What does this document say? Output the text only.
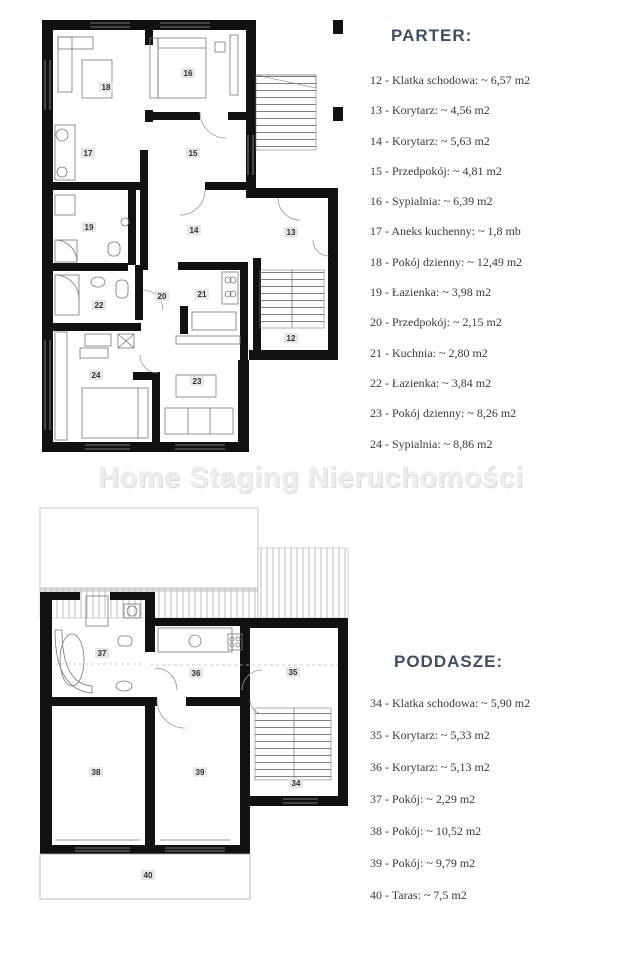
18
16
17	15
19	14	13
20	21
22
12
24
23
37
36	35
38	39
34
40
PARTER:
12 - Klatka schodowa: ~ 6,57 m2
13 - Korytarz: ~ 4,56 m2
14 - Korytarz: ~ 5,63 m2
15 - Przedpokój: ~ 4,81 m2
16 - Sypialnia: ~ 6,39 m2
17 - Aneks kuchenny: ~ 1,8 mb
18 - Pokój dzienny: ~ 12,49 m2
19 - Łazienka: ~ 3,98 m2
20 - Przedpokój: ~ 2,15 m2
21 - Kuchnia: ~ 2,80 m2
22 - Łazienka: ~ 3,84 m2
23 - Pokój dzienny: ~ 8,26 m2
24 - Sypialnia: ~ 8,86 m2
Home Staging Nieruchomości
PODDASZE:
34 - Klatka schodowa: ~ 5,90 m2
35 - Korytarz: ~ 5,33 m2
36 - Korytarz: ~ 5,13 m2
37 - Pokój: ~ 2,29 m2
38 - Pokój: ~ 10,52 m2
39 - Pokój: ~ 9,79 m2
40 - Taras: ~ 7,5 m2
